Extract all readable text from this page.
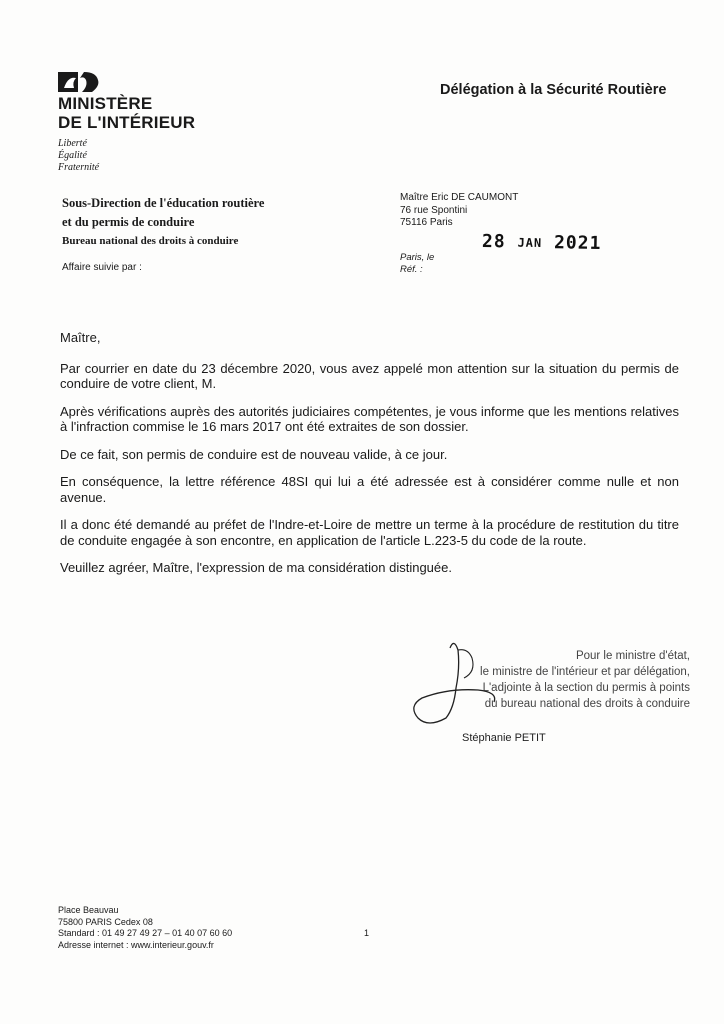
MINISTÈRE
DE L'INTÉRIEUR
Liberté
Égalité
Fraternité
Délégation à la Sécurité Routière
Sous-Direction de l'éducation routière
et du permis de conduire
Bureau national des droits à conduire
Maître Eric DE CAUMONT
76 rue Spontini
75116 Paris
28 JAN 2021
Paris, le
Réf. :
Affaire suivie par :

Maître,

Par courrier en date du 23 décembre 2020, vous avez appelé mon attention sur la situation du permis de conduire de votre client, M.

Après vérifications auprès des autorités judiciaires compétentes, je vous informe que les mentions relatives à l'infraction commise le 16 mars 2017 ont été extraites de son dossier.

De ce fait, son permis de conduire est de nouveau valide, à ce jour.

En conséquence, la lettre référence 48SI qui lui a été adressée est à considérer comme nulle et non avenue.

Il a donc été demandé au préfet de l'Indre-et-Loire de mettre un terme à la procédure de restitution du titre de conduite engagée à son encontre, en application de l'article L.223-5 du code de la route.

Veuillez agréer, Maître, l'expression de ma considération distinguée.

Pour le ministre d'état,
le ministre de l'intérieur et par délégation,
L'adjointe à la section du permis à points
du bureau national des droits à conduire
Stéphanie PETIT
Place Beauvau
75800 PARIS Cedex 08
Standard : 01 49 27 49 27 – 01 40 07 60 60
Adresse internet : www.interieur.gouv.fr
1
